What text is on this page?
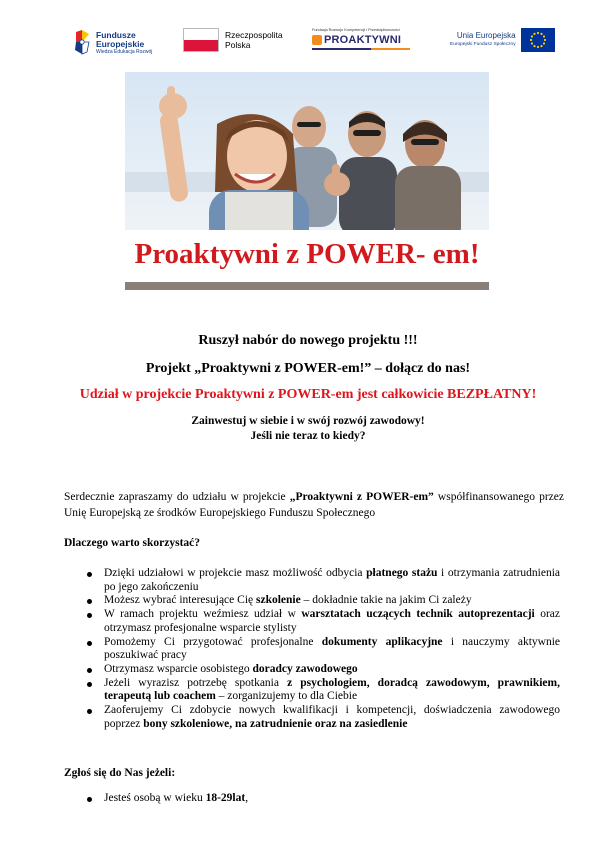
Fundusze
Europejskie
Wiedza Edukacja Rozwój
Rzeczpospolita
Polska
Fundacja Rozwoju Kompetencji i Przedsiębiorczości
PROAKTYWNI	Unia Europejska
Europejski Fundusz Społeczny
Proaktywni z POWER- em!
Ruszył nabór do nowego projektu !!!
Projekt „Proaktywni z POWER-em!” – dołącz do nas!
Udział w projekcie Proaktywni z POWER-em jest całkowicie BEZPŁATNY!
Zainwestuj w siebie i w swój rozwój zawodowy!
Jeśli nie teraz to kiedy?

Serdecznie zapraszamy do udziału w projekcie „Proaktywni z POWER-em” współfinansowanego przez Unię Europejską ze środków Europejskiego Funduszu Społecznego

Dlaczego warto skorzystać?

Dzięki udziałowi w projekcie masz możliwość odbycia płatnego stażu i otrzymania zatrudnienia po jego zakończeniu
Możesz wybrać interesujące Cię szkolenie – dokładnie takie na jakim Ci zależy
W ramach projektu weźmiesz udział w warsztatach uczących technik autoprezentacji oraz otrzymasz profesjonalne wsparcie stylisty
Pomożemy Ci przygotować profesjonalne dokumenty aplikacyjne i nauczymy aktywnie poszukiwać pracy
Otrzymasz wsparcie osobistego doradcy zawodowego
Jeżeli wyrazisz potrzebę spotkania z psychologiem, doradcą zawodowym, prawnikiem, terapeutą lub coachem – zorganizujemy to dla Ciebie
Zaoferujemy Ci zdobycie nowych kwalifikacji i kompetencji, doświadczenia zawodowego poprzez bony szkoleniowe, na zatrudnienie oraz na zasiedlenie

Zgłoś się do Nas jeżeli:

Jesteś osobą w wieku 18-29lat,
